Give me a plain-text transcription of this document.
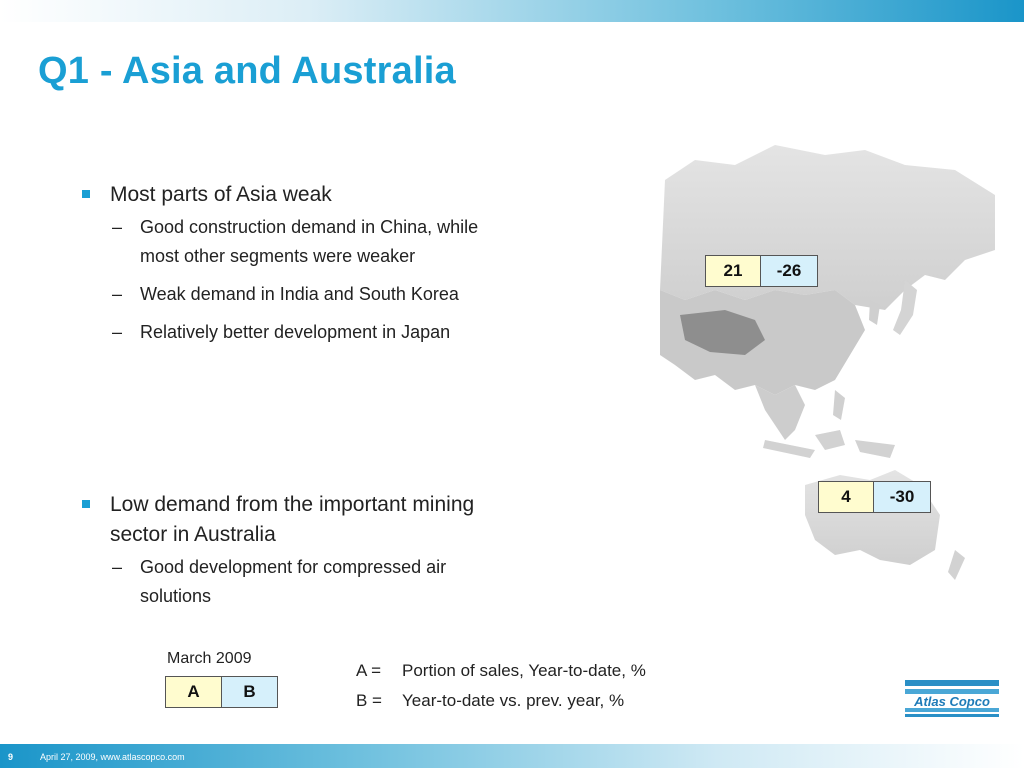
Q1 - Asia and Australia
Most parts of Asia weak
– Good construction demand in China, while most other segments were weaker
– Weak demand in India and South Korea
– Relatively better development in Japan
Low demand from the important mining sector in Australia
– Good development for compressed air solutions
21	-26
4	-30
March 2009
A	B
A =	Portion of sales, Year-to-date, %
B =	Year-to-date vs. prev. year, %	Atlas Copco
9	April 27, 2009, www.atlascopco.com
